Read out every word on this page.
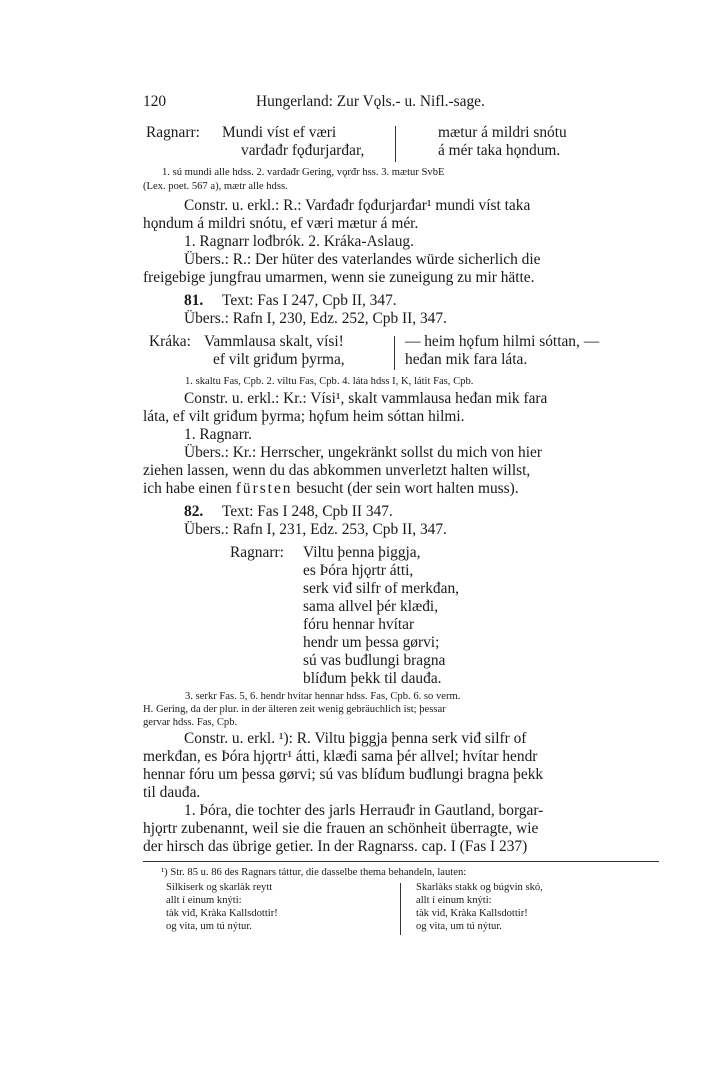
120	Hungerland: Zur Vǫls.- u. Nifl.-sage.
Ragnarr: Mundi víst ef væri
varđađr fǫđurjarđar,
mætur á mildri snótu
á mér taka hǫndum.
1. sú mundi alle hdss. 2. varđađr Gering, vǫrđr hss. 3. mætur SvbE
(Lex. poet. 567 a), mætr alle hdss.
Constr. u. erkl.: R.: Varđađr fǫđurjarđar¹ mundi víst taka
hǫndum á mildri snótu, ef væri mætur á mér.
1. Ragnarr lođbrók. 2. Kráka-Aslaug.
Übers.: R.: Der hüter des vaterlandes würde sicherlich die
freigebige jungfrau umarmen, wenn sie zuneigung zu mir hätte.
81. Text: Fas I 247, Cpb II, 347.
Übers.: Rafn I, 230, Edz. 252, Cpb II, 347.
Kráka: Vammlausa skalt, vísi!
ef vilt griđum þyrma,
— heim hǫfum hilmi sóttan, —
heđan mik fara láta.
1. skaltu Fas, Cpb. 2. viltu Fas, Cpb. 4. láta hdss I, K, látit Fas, Cpb.
Constr. u. erkl.: Kr.: Vísi¹, skalt vammlausa heđan mik fara
láta, ef vilt griđum þyrma; hǫfum heim sóttan hilmi.
1. Ragnarr.
Übers.: Kr.: Herrscher, ungekränkt sollst du mich von hier
ziehen lassen, wenn du das abkommen unverletzt halten willst,
ich habe einen fürsten besucht (der sein wort halten muss).
82. Text: Fas I 248, Cpb II 347.
Übers.: Rafn I, 231, Edz. 253, Cpb II, 347.
Ragnarr: Viltu þenna þiggja,
es Þóra hjǫrtr átti,
serk viđ silfr of merkđan,
sama allvel þér klæđi,
fóru hennar hvítar
hendr um þessa gørvi;
sú vas buđlungi bragna
blíđum þekk til dauđa.
3. serkr Fas. 5, 6. hendr hvítar hennar hdss. Fas, Cpb. 6. so verm.
H. Gering, da der plur. in der älteren zeit wenig gebräuchlich ist; þessar
gervar hdss. Fas, Cpb.
Constr. u. erkl. ¹): R. Viltu þiggja þenna serk viđ silfr of
merkđan, es Þóra hjǫrtr¹ átti, klæđi sama þér allvel; hvítar hendr
hennar fóru um þessa gørvi; sú vas blíđum buđlungi bragna þekk
til dauđa.
1. Þóra, die tochter des jarls Herrauđr in Gautland, borgar-
hjǫrtr zubenannt, weil sie die frauen an schönheit überragte, wie
der hirsch das übrige getier. In der Ragnarss. cap. I (Fas I 237)
¹) Str. 85 u. 86 des Ragnars táttur, die dasselbe thema behandeln, lauten:
Silkiserk og skarlàk reytt
allt í einum knýti:
tàk viđ, Kràka Kallsdottir!
og vita, um tú nýtur.
Skarlàks stakk og búgvin skó,
allt í einum knýti:
tàk viđ, Kràka Kallsdottir!
og vita, um tú nýtur.
